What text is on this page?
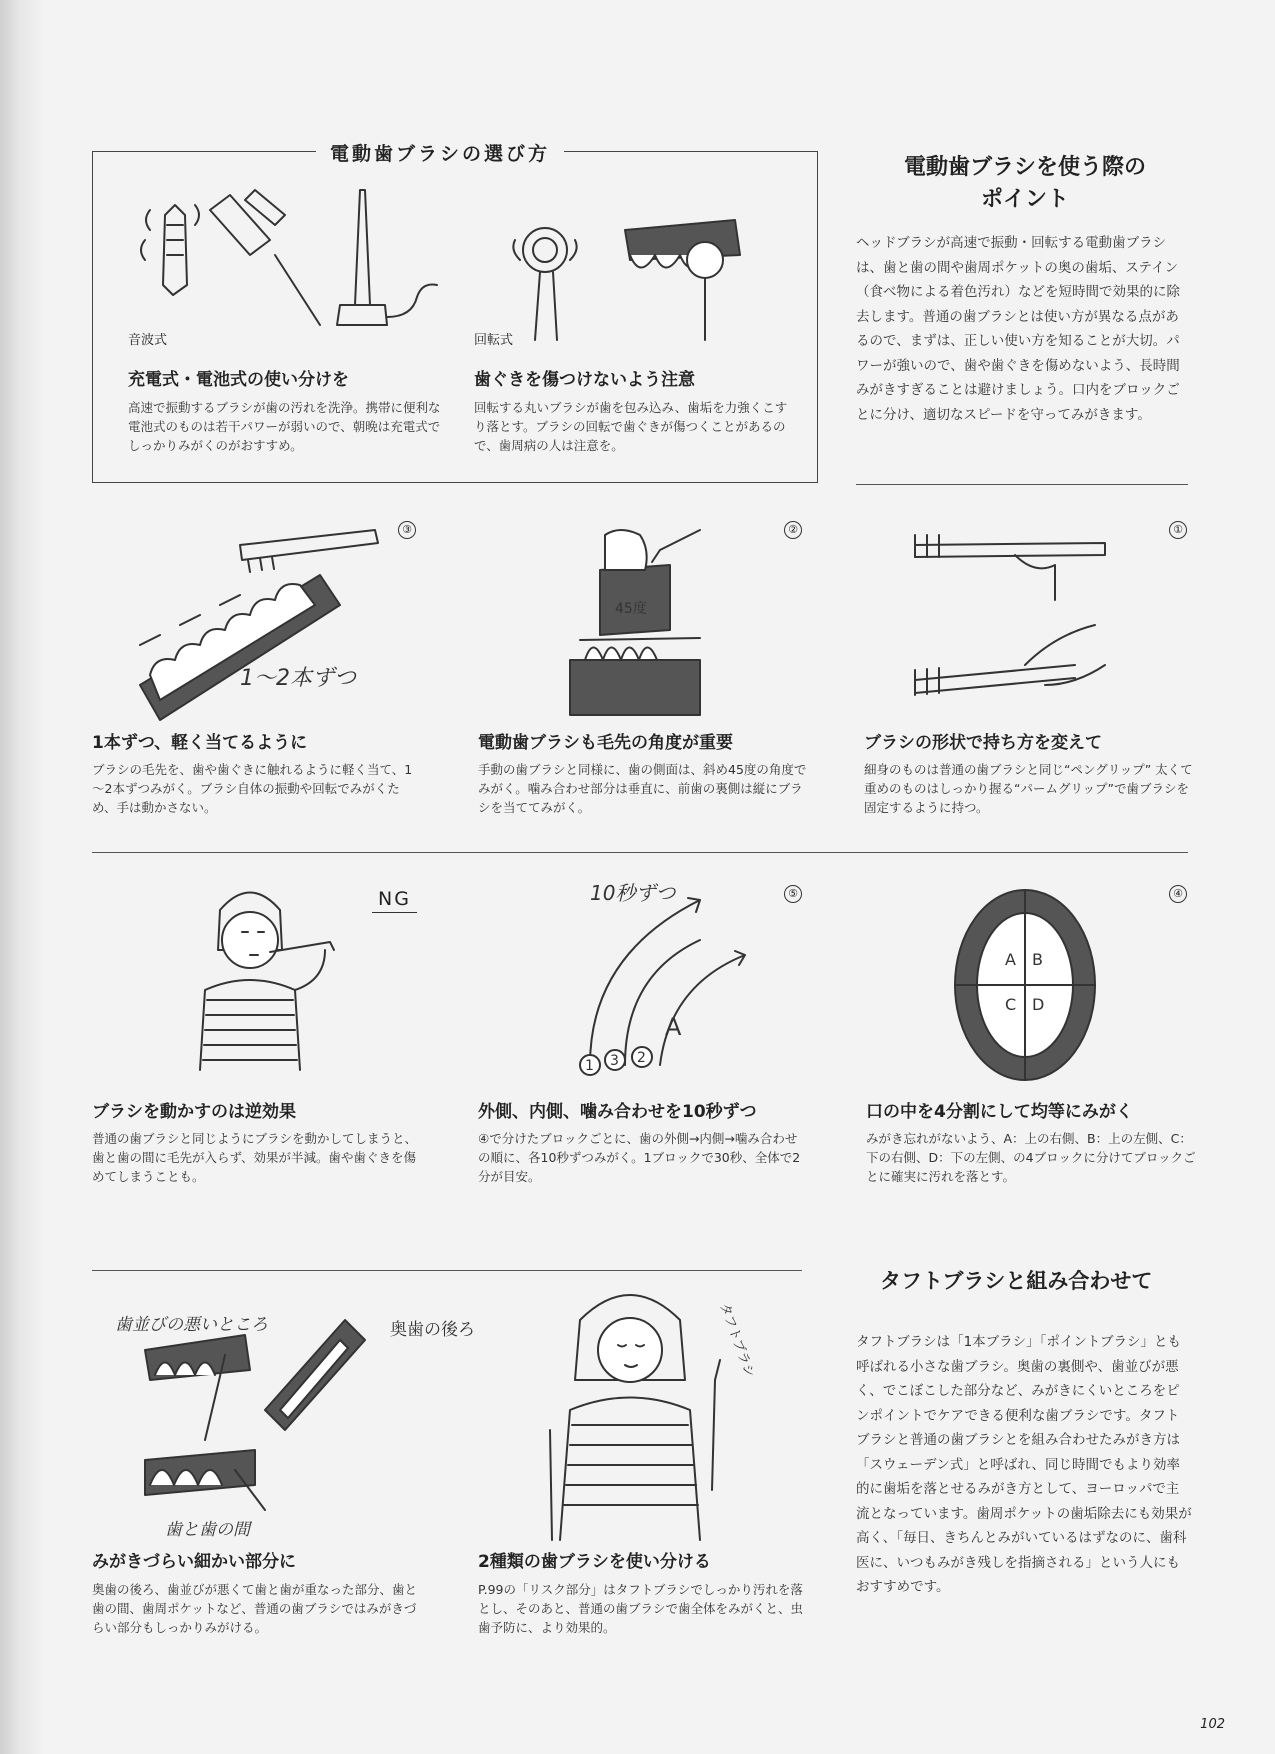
電動歯ブラシの選び方
音波式
充電式・電池式の使い分けを
高速で振動するブラシが歯の汚れを洗浄。携帯に便利な電池式のものは若干パワーが弱いので、朝晩は充電式でしっかりみがくのがおすすめ。
回転式
歯ぐきを傷つけないよう注意
回転する丸いブラシが歯を包み込み、歯垢を力強くこすり落とす。ブラシの回転で歯ぐきが傷つくことがあるので、歯周病の人は注意を。
電動歯ブラシを使う際の
ポイント
ヘッドブラシが高速で振動・回転する電動歯ブラシは、歯と歯の間や歯周ポケットの奥の歯垢、ステイン（食べ物による着色汚れ）などを短時間で効果的に除去します。普通の歯ブラシとは使い方が異なる点があるので、まずは、正しい使い方を知ることが大切。パワーが強いので、歯や歯ぐきを傷めないよう、長時間みがきすぎることは避けましょう。口内をブロックごとに分け、適切なスピードを守ってみがきます。
③
1～2本ずつ
1本ずつ、軽く当てるように
ブラシの毛先を、歯や歯ぐきに触れるように軽く当て、1～2本ずつみがく。ブラシ自体の振動や回転でみがくため、手は動かさない。
②
45度
電動歯ブラシも毛先の角度が重要
手動の歯ブラシと同様に、歯の側面は、斜め45度の角度でみがく。噛み合わせ部分は垂直に、前歯の裏側は縦にブラシを当ててみがく。
①
ブラシの形状で持ち方を変えて
細身のものは普通の歯ブラシと同じ“ペングリップ” 太くて重めのものはしっかり握る“パームグリップ”で歯ブラシを固定するように持つ。
NG
ブラシを動かすのは逆効果
普通の歯ブラシと同じようにブラシを動かしてしまうと、歯と歯の間に毛先が入らず、効果が半減。歯や歯ぐきを傷めてしまうことも。
⑤
10秒ずつ
1 3 2
A
外側、内側、噛み合わせを10秒ずつ
④で分けたブロックごとに、歯の外側→内側→噛み合わせの順に、各10秒ずつみがく。1ブロックで30秒、全体で2分が目安。
④
A B
C D
口の中を4分割にして均等にみがく
みがき忘れがないよう、A：上の右側、B：上の左側、C：下の右側、D：下の左側、の4ブロックに分けてブロックごとに確実に汚れを落とす。
歯並びの悪いところ	奥歯の後ろ
歯と歯の間
みがきづらい細かい部分に
奥歯の後ろ、歯並びが悪くて歯と歯が重なった部分、歯と歯の間、歯周ポケットなど、普通の歯ブラシではみがきづらい部分もしっかりみがける。
タフトブラシ
2種類の歯ブラシを使い分ける
P.99の「リスク部分」はタフトブラシでしっかり汚れを落とし、そのあと、普通の歯ブラシで歯全体をみがくと、虫歯予防に、より効果的。
タフトブラシと組み合わせて
タフトブラシは「1本ブラシ」「ポイントブラシ」とも呼ばれる小さな歯ブラシ。奥歯の裏側や、歯並びが悪く、でこぼこした部分など、みがきにくいところをピンポイントでケアできる便利な歯ブラシです。タフトブラシと普通の歯ブラシとを組み合わせたみがき方は「スウェーデン式」と呼ばれ、同じ時間でもより効率的に歯垢を落とせるみがき方として、ヨーロッパで主流となっています。歯周ポケットの歯垢除去にも効果が高く、「毎日、きちんとみがいているはずなのに、歯科医に、いつもみがき残しを指摘される」という人にもおすすめです。
102
